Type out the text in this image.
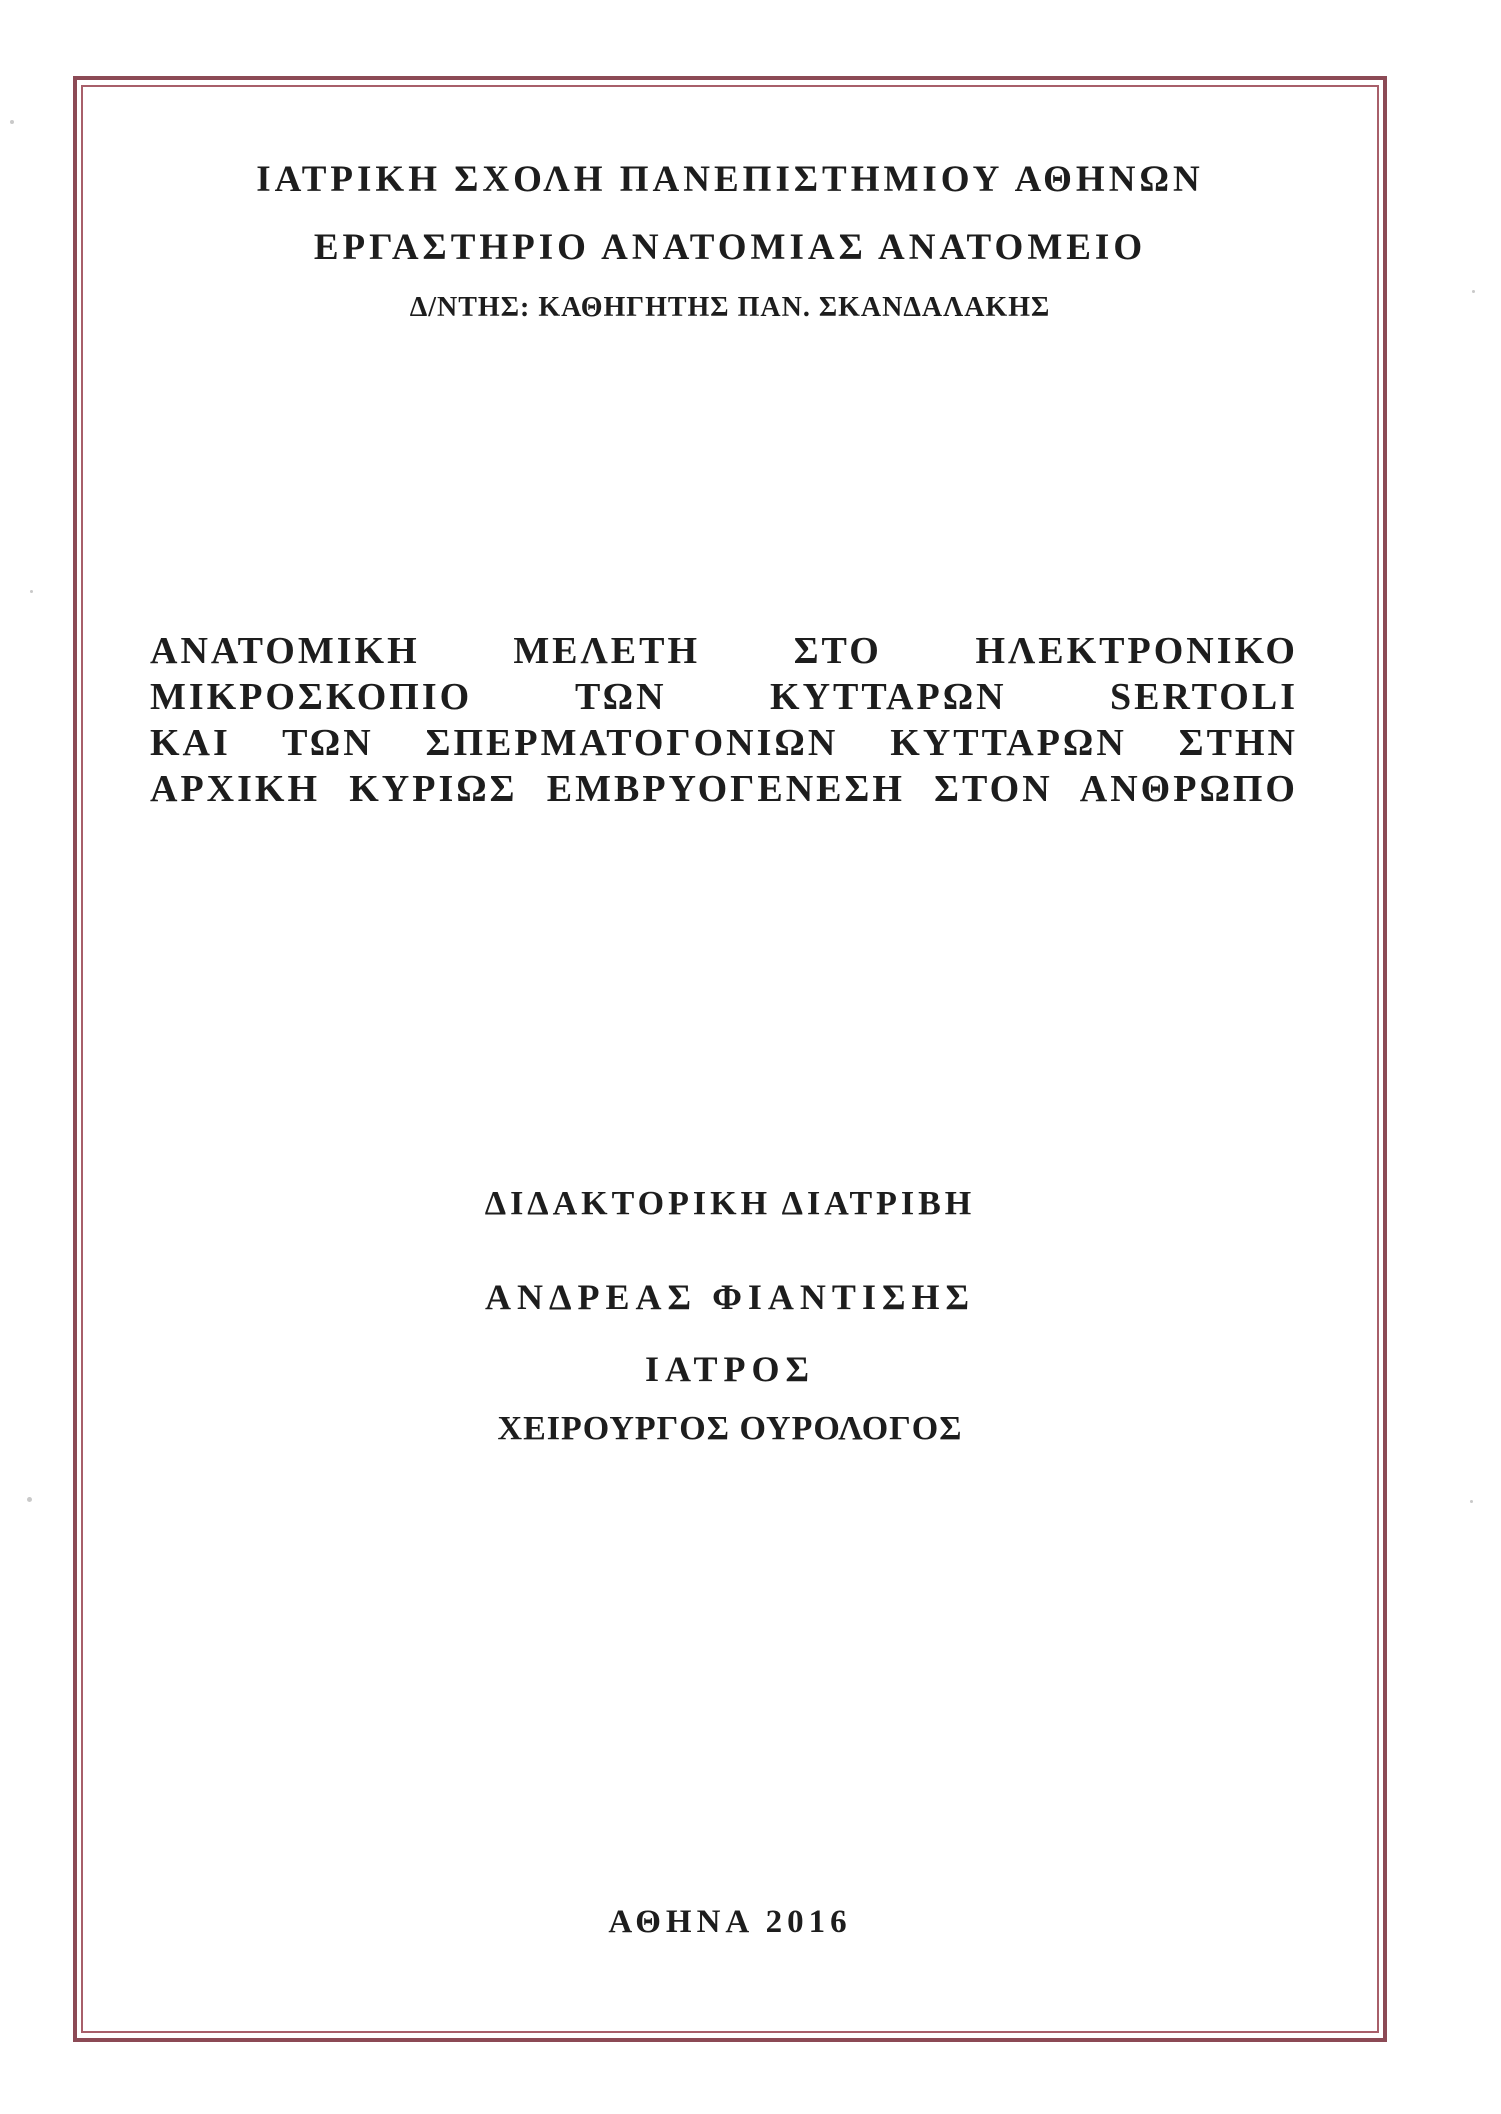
ΙΑΤΡΙΚΗ ΣΧΟΛΗ ΠΑΝΕΠΙΣΤΗΜΙΟΥ ΑΘΗΝΩΝ
ΕΡΓΑΣΤΗΡΙΟ ΑΝΑΤΟΜΙΑΣ ΑΝΑΤΟΜΕΙΟ
Δ/ΝΤΗΣ: ΚΑΘΗΓΗΤΗΣ ΠΑΝ. ΣΚΑΝΔΑΛΑΚΗΣ
ΑΝΑΤΟΜΙΚΗ ΜΕΛΕΤΗ ΣΤΟ ΗΛΕΚΤΡΟΝΙΚΟ
ΜΙΚΡΟΣΚΟΠΙΟ ΤΩΝ ΚΥΤΤΑΡΩΝ SERTOLI
ΚΑΙ ΤΩΝ ΣΠΕΡΜΑΤΟΓΟΝΙΩΝ ΚΥΤΤΑΡΩΝ ΣΤΗΝ
ΑΡΧΙΚΗ ΚΥΡΙΩΣ ΕΜΒΡΥΟΓΕΝΕΣΗ ΣΤΟΝ ΑΝΘΡΩΠΟ
ΔΙΔΑΚΤΟΡΙΚΗ ΔΙΑΤΡΙΒΗ
ΑΝΔΡΕΑΣ ΦΙΑΝΤΙΣΗΣ
ΙΑΤΡΟΣ
ΧΕΙΡΟΥΡΓΟΣ ΟΥΡΟΛΟΓΟΣ
ΑΘΗΝΑ 2016
